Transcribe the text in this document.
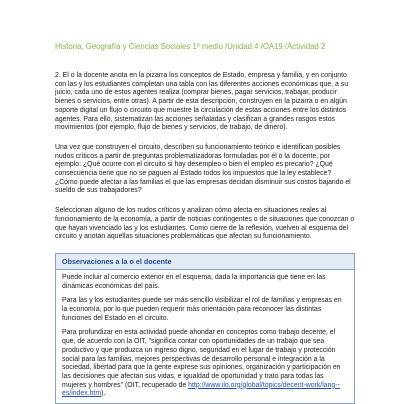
Historia, Geografía y Ciencias Sociales 1º medio /Unidad 4 /OA19 /Actividad 2

2. El o la docente anota en la pizarra los conceptos de Estado, empresa y familia, y en conjunto con las y los estudiantes completan una tabla con las diferentes acciones económicas que, a su juicio, cada uno de estos agentes realiza (comprar bienes, pagar servicios, trabajar, producir bienes o servicios, entre otras). A partir de esta descripción, construyen en la pizarra o en algún soporte digital un flujo o circuito que muestre la circulación de estas acciones entre los distintos agentes. Para ello, sistematizan las acciones señaladas y clasifican a grandes rasgos estos movimientos (por ejemplo, flujo de bienes y servicios, de trabajo, de dinero).

Una vez que construyen el circuito, describen su funcionamiento teórico e identifican posibles nudos críticos a partir de preguntas problematizadoras formuladas por él o la docente, por ejemplo: ¿Qué ocurre con el circuito si hay desempleo o bien el empleo es precario? ¿Qué consecuencia tiene que no se paguen al Estado todos los impuestos que la ley establece? ¿Cómo puede afectar a las familias el que las empresas decidan disminuir sus costos bajando el sueldo de sus trabajadores?

Seleccionan alguno de los nudos críticos y analizan cómo afecta en situaciones reales al funcionamiento de la economía, a partir de noticias contingentes o de situaciones que conozcan o que hayan vivenciado las y los estudiantes. Como cierre de la reflexión, vuelven al esquema del circuito y anotan aquellas situaciones problemáticas que afectan su funcionamiento.

Observaciones a la o el docente

Puede incluir al comercio exterior en el esquema, dada la importancia que tiene en las dinámicas económicas del país.

Para las y los estudiantes puede ser más sencillo visibilizar el rol de familias y empresas en la economía, por lo que pueden requerir más orientación para reconocer las distintas funciones del Estado en el circuito.

Para profundizar en esta actividad puede ahondar en conceptos como trabajo decente, el que, de acuerdo con la OIT, "significa contar con oportunidades de un trabajo que sea productivo y que produzca un ingreso digno, seguridad en el lugar de trabajo y protección social para las familias, mejores perspectivas de desarrollo personal e integración a la sociedad, libertad para que la gente exprese sus opiniones, organización y participación en las decisiones que afectan sus vidas, e igualdad de oportunidad y trato para todas las mujeres y hombres" (OIT, recuperado de http://www.ilo.org/global/topics/decent-work/lang--es/index.htm).
